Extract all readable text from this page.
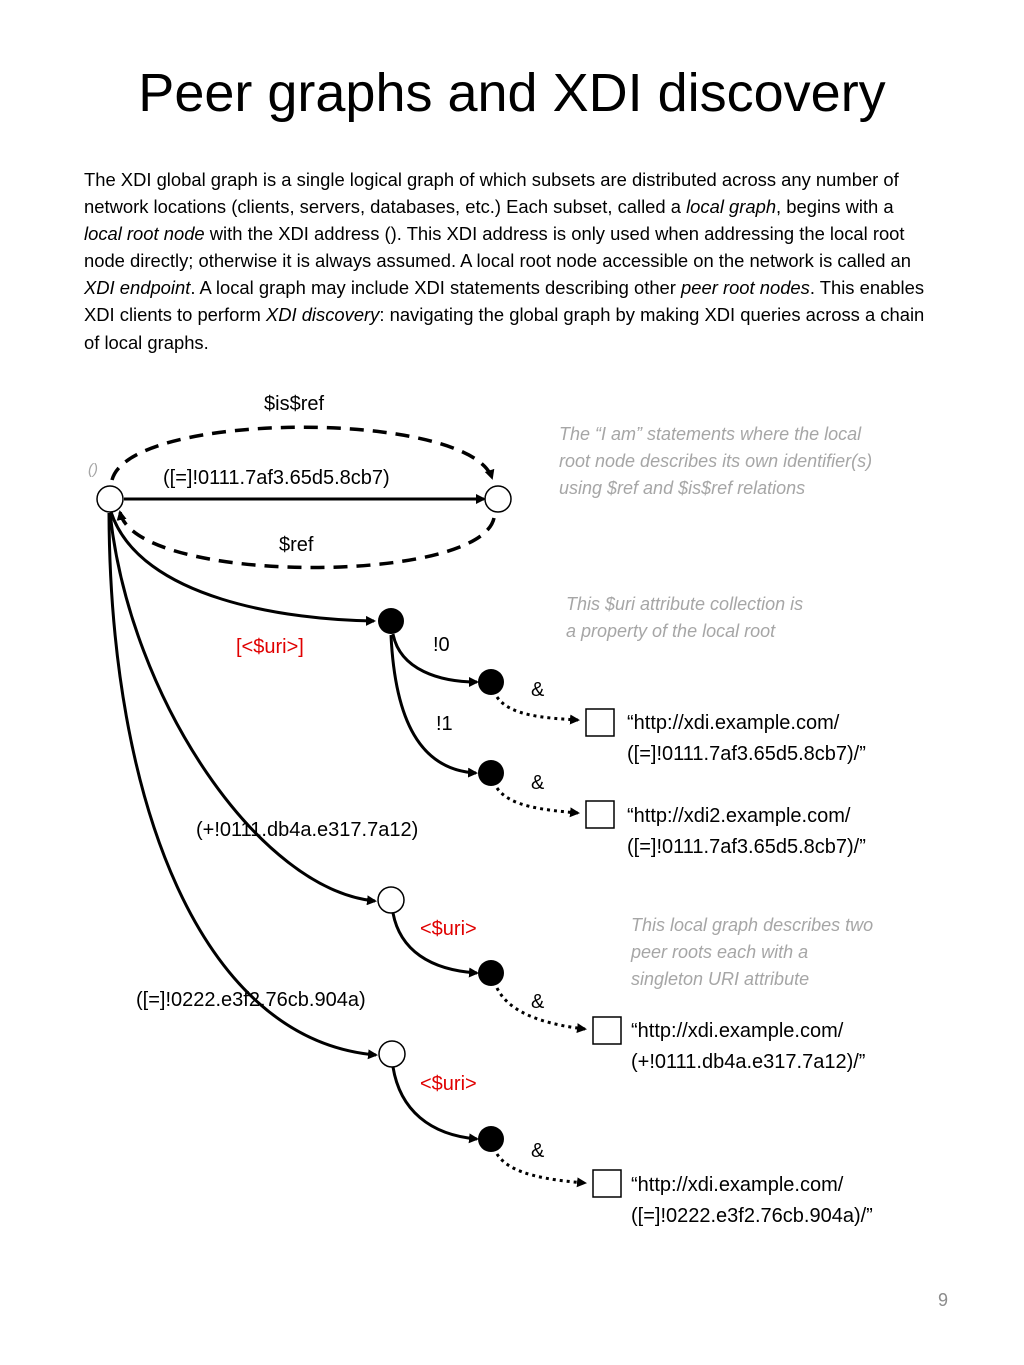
Peer graphs and XDI discovery
The XDI global graph is a single logical graph of which subsets are distributed across any number of network locations (clients, servers, databases, etc.) Each subset, called a local graph, begins with a local root node with the XDI address (). This XDI address is only used when addressing the local root node directly; otherwise it is always assumed. A local root node accessible on the network is called an XDI endpoint. A local graph may include XDI statements describing other peer root nodes. This enables XDI clients to perform XDI discovery: navigating the global graph by making XDI queries across a chain of local graphs.
()
$is$ref
([=]!0111.7af3.65d5.8cb7)
$ref
[<$uri>]	!0
!1
&
&
&
&
(+!0111.db4a.e317.7a12)
([=]!0222.e3f2.76cb.904a)
<$uri>
<$uri>
“http://xdi.example.com/
([=]!0111.7af3.65d5.8cb7)/”
“http://xdi2.example.com/
([=]!0111.7af3.65d5.8cb7)/”
“http://xdi.example.com/
(+!0111.db4a.e317.7a12)/”
“http://xdi.example.com/
([=]!0222.e3f2.76cb.904a)/”
The “I am” statements where the local
root node describes its own identifier(s)
using $ref and $is$ref relations
This $uri attribute collection is
a property of the local root
This local graph describes two
peer roots each with a
singleton URI attribute
9
